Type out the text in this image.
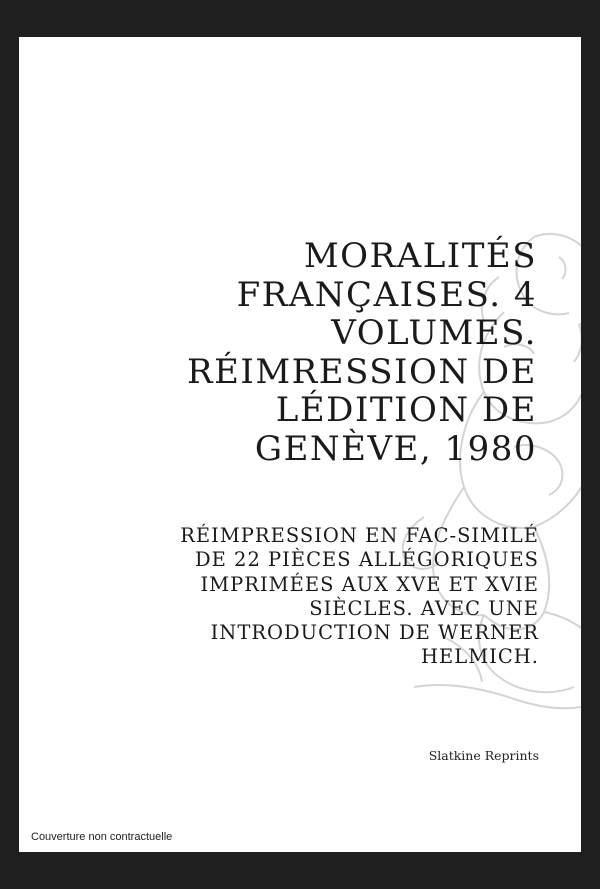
MORALITÉS
FRANÇAISES. 4
VOLUMES.
RÉIMRESSION DE
LÉDITION DE
GENÈVE, 1980
RÉIMPRESSION EN FAC-SIMILÉ
DE 22 PIÈCES ALLÉGORIQUES
IMPRIMÉES AUX XVE ET XVIE
SIÈCLES. AVEC UNE
INTRODUCTION DE WERNER
HELMICH.
Slatkine Reprints
Couverture non contractuelle
